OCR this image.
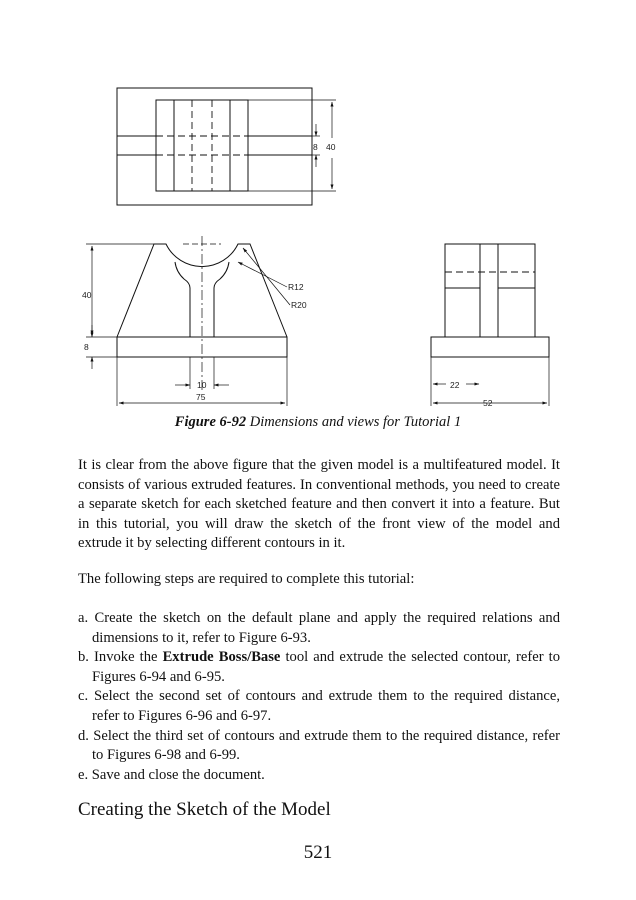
8 40
40
8
R12
R20
10
75
22
52
Figure 6-92 Dimensions and views for Tutorial 1

It is clear from the above figure that the given model is a multifeatured model. It consists of various extruded features. In conventional methods, you need to create a separate sketch for each sketched feature and then convert it into a feature. But in this tutorial, you will draw the sketch of the front view of the model and extrude it by selecting different contours in it.

The following steps are required to complete this tutorial:

a. Create the sketch on the default plane and apply the required relations and dimensions to it, refer to Figure 6-93.
b. Invoke the Extrude Boss/Base tool and extrude the selected contour, refer to Figures 6-94 and 6-95.
c. Select the second set of contours and extrude them to the required distance, refer to Figures 6-96 and 6-97.
d. Select the third set of contours and extrude them to the required distance, refer to Figures 6-98 and 6-99.
e. Save and close the document.
Creating the Sketch of the Model
521
